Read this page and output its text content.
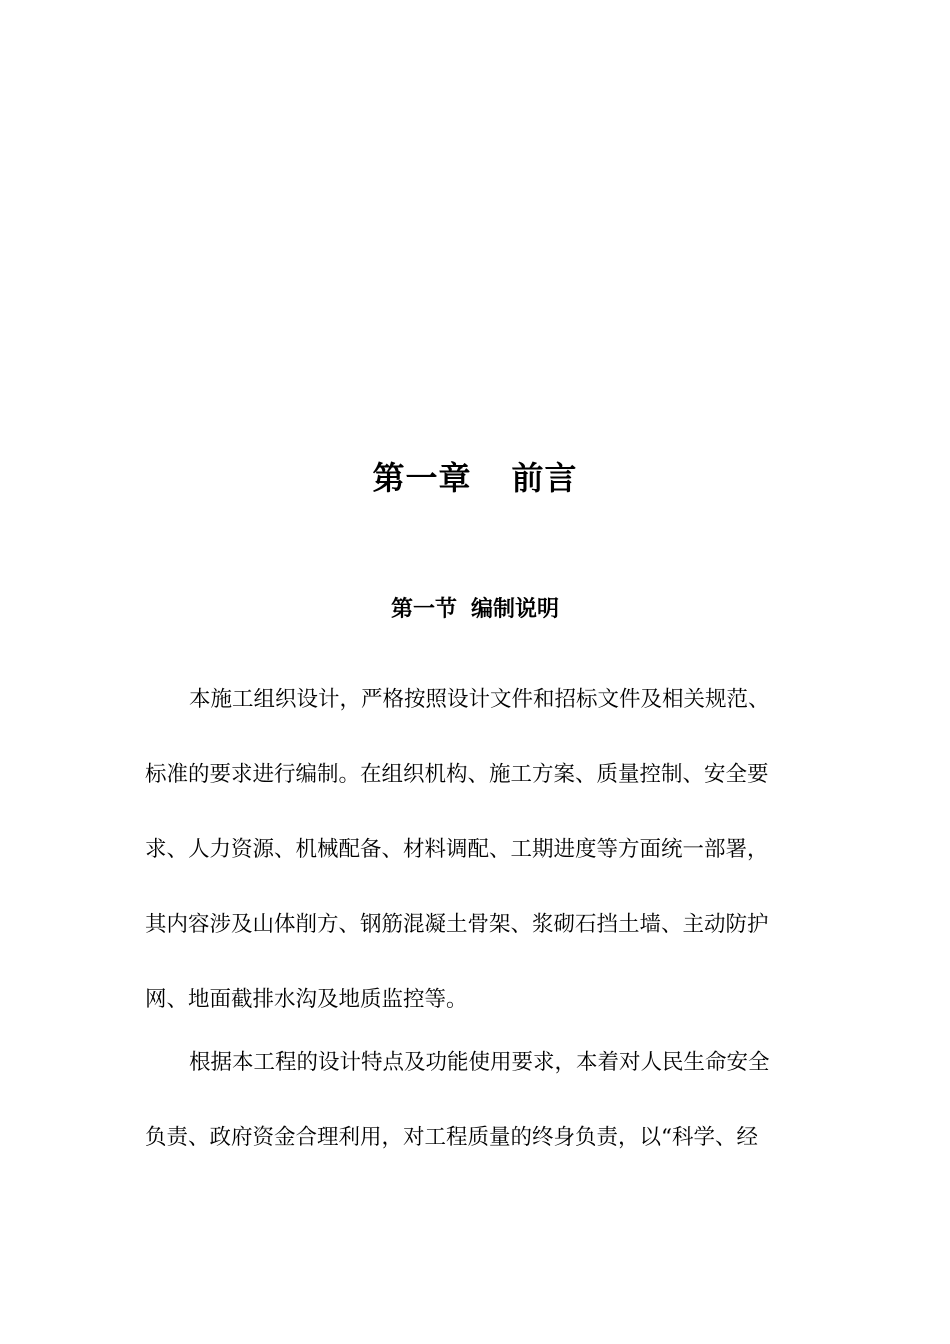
第一章 前言
第一节 编制说明
本施工组织设计，严格按照设计文件和招标文件及相关规范、
标准的要求进行编制。在组织机构、施工方案、质量控制、安全要
求、人力资源、机械配备、材料调配、工期进度等方面统一部署，
其内容涉及山体削方、钢筋混凝土骨架、浆砌石挡土墙、主动防护
网、地面截排水沟及地质监控等。
根据本工程的设计特点及功能使用要求，本着对人民生命安全
负责、政府资金合理利用，对工程质量的终身负责，以“科学、经
